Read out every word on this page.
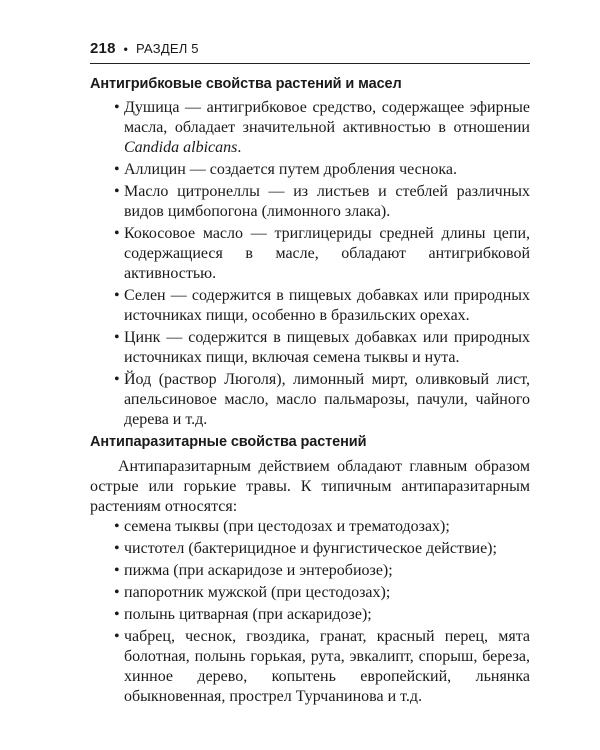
218 • РАЗДЕЛ 5
Антигрибковые свойства растений и масел
• Душица — антигрибковое средство, содержащее эфирные масла, обладает значительной активностью в отношении Candida albicans.
• Аллицин — создается путем дробления чеснока.
• Масло цитронеллы — из листьев и стеблей различных видов цимбопогона (лимонного злака).
• Кокосовое масло — триглицериды средней длины цепи, содержащиеся в масле, обладают антигрибковой активностью.
• Селен — содержится в пищевых добавках или природных источниках пищи, особенно в бразильских орехах.
• Цинк — содержится в пищевых добавках или природных источниках пищи, включая семена тыквы и нута.
• Йод (раствор Люголя), лимонный мирт, оливковый лист, апельсиновое масло, масло пальмарозы, пачули, чайного дерева и т.д.
Антипаразитарные свойства растений

Антипаразитарным действием обладают главным образом острые или горькие травы. К типичным антипаразитарным растениям относятся:

• семена тыквы (при цестодозах и трематодозах);
• чистотел (бактерицидное и фунгистическое действие);
• пижма (при аскаридозе и энтеробиозе);
• папоротник мужской (при цестодозах);
• полынь цитварная (при аскаридозе);
• чабрец, чеснок, гвоздика, гранат, красный перец, мята болотная, полынь горькая, рута, эвкалипт, спорыш, береза, хинное дерево, копытень европейский, льнянка обыкновенная, прострел Турчанинова и т.д.
